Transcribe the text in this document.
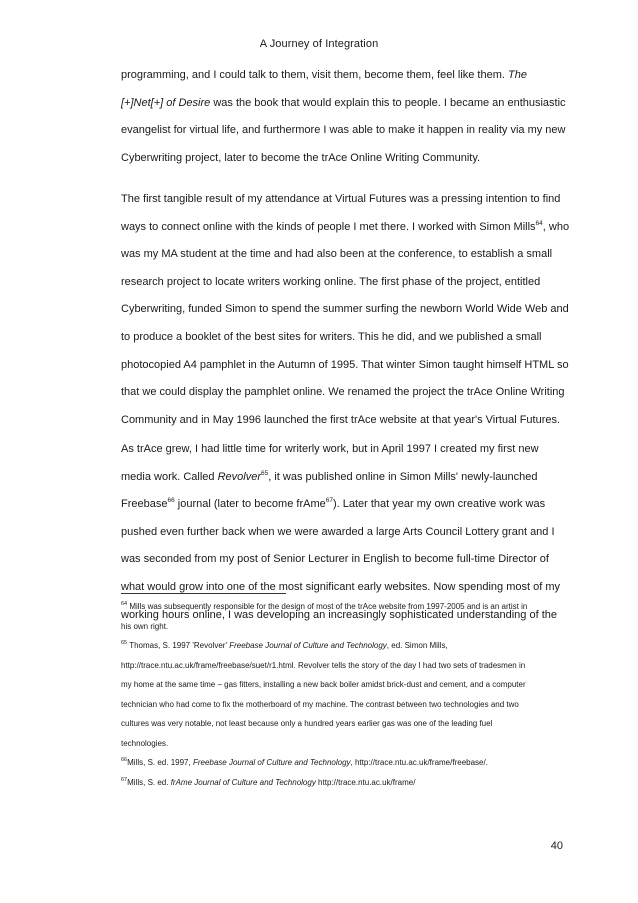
A Journey of Integration
programming, and I could talk to them, visit them, become them, feel like them. The
[+]Net[+] of Desire was the book that would explain this to people. I became an enthusiastic
evangelist for virtual life, and furthermore I was able to make it happen in reality via my new
Cyberwriting project, later to become the trAce Online Writing Community.
The first tangible result of my attendance at Virtual Futures was a pressing intention to find
ways to connect online with the kinds of people I met there. I worked with Simon Mills$^{64}$, who
was my MA student at the time and had also been at the conference, to establish a small
research project to locate writers working online. The first phase of the project, entitled
Cyberwriting, funded Simon to spend the summer surfing the newborn World Wide Web and
to produce a booklet of the best sites for writers. This he did, and we published a small
photocopied A4 pamphlet in the Autumn of 1995. That winter Simon taught himself HTML so
that we could display the pamphlet online. We renamed the project the trAce Online Writing
Community and in May 1996 launched the first trAce website at that year's Virtual Futures.
As trAce grew, I had little time for writerly work, but in April 1997 I created my first new
media work. Called Revolver$^{65}$, it was published online in Simon Mills' newly-launched
Freebase$^{66}$ journal (later to become frAme$^{67}$). Later that year my own creative work was
pushed even further back when we were awarded a large Arts Council Lottery grant and I
was seconded from my post of Senior Lecturer in English to become full-time Director of
what would grow into one of the most significant early websites. Now spending most of my
working hours online, I was developing an increasingly sophisticated understanding of the
$^{64}$ Mills was subsequently responsible for the design of most of the trAce website from 1997-2005 and is an artist in
his own right.
$^{65}$ Thomas, S. 1997 'Revolver' Freebase Journal of Culture and Technology, ed. Simon Mills,
http://trace.ntu.ac.uk/frame/freebase/suet/r1.html. Revolver tells the story of the day I had two sets of tradesmen in
my home at the same time – gas fitters, installing a new back boiler amidst brick-dust and cement, and a computer
technician who had come to fix the motherboard of my machine. The contrast between two technologies and two
cultures was very notable, not least because only a hundred years earlier gas was one of the leading fuel
technologies.
$^{66}$Mills, S. ed. 1997, Freebase Journal of Culture and Technology, http://trace.ntu.ac.uk/frame/freebase/.
$^{67}$Mills, S. ed. frAme Journal of Culture and Technology http://trace.ntu.ac.uk/frame/
40
